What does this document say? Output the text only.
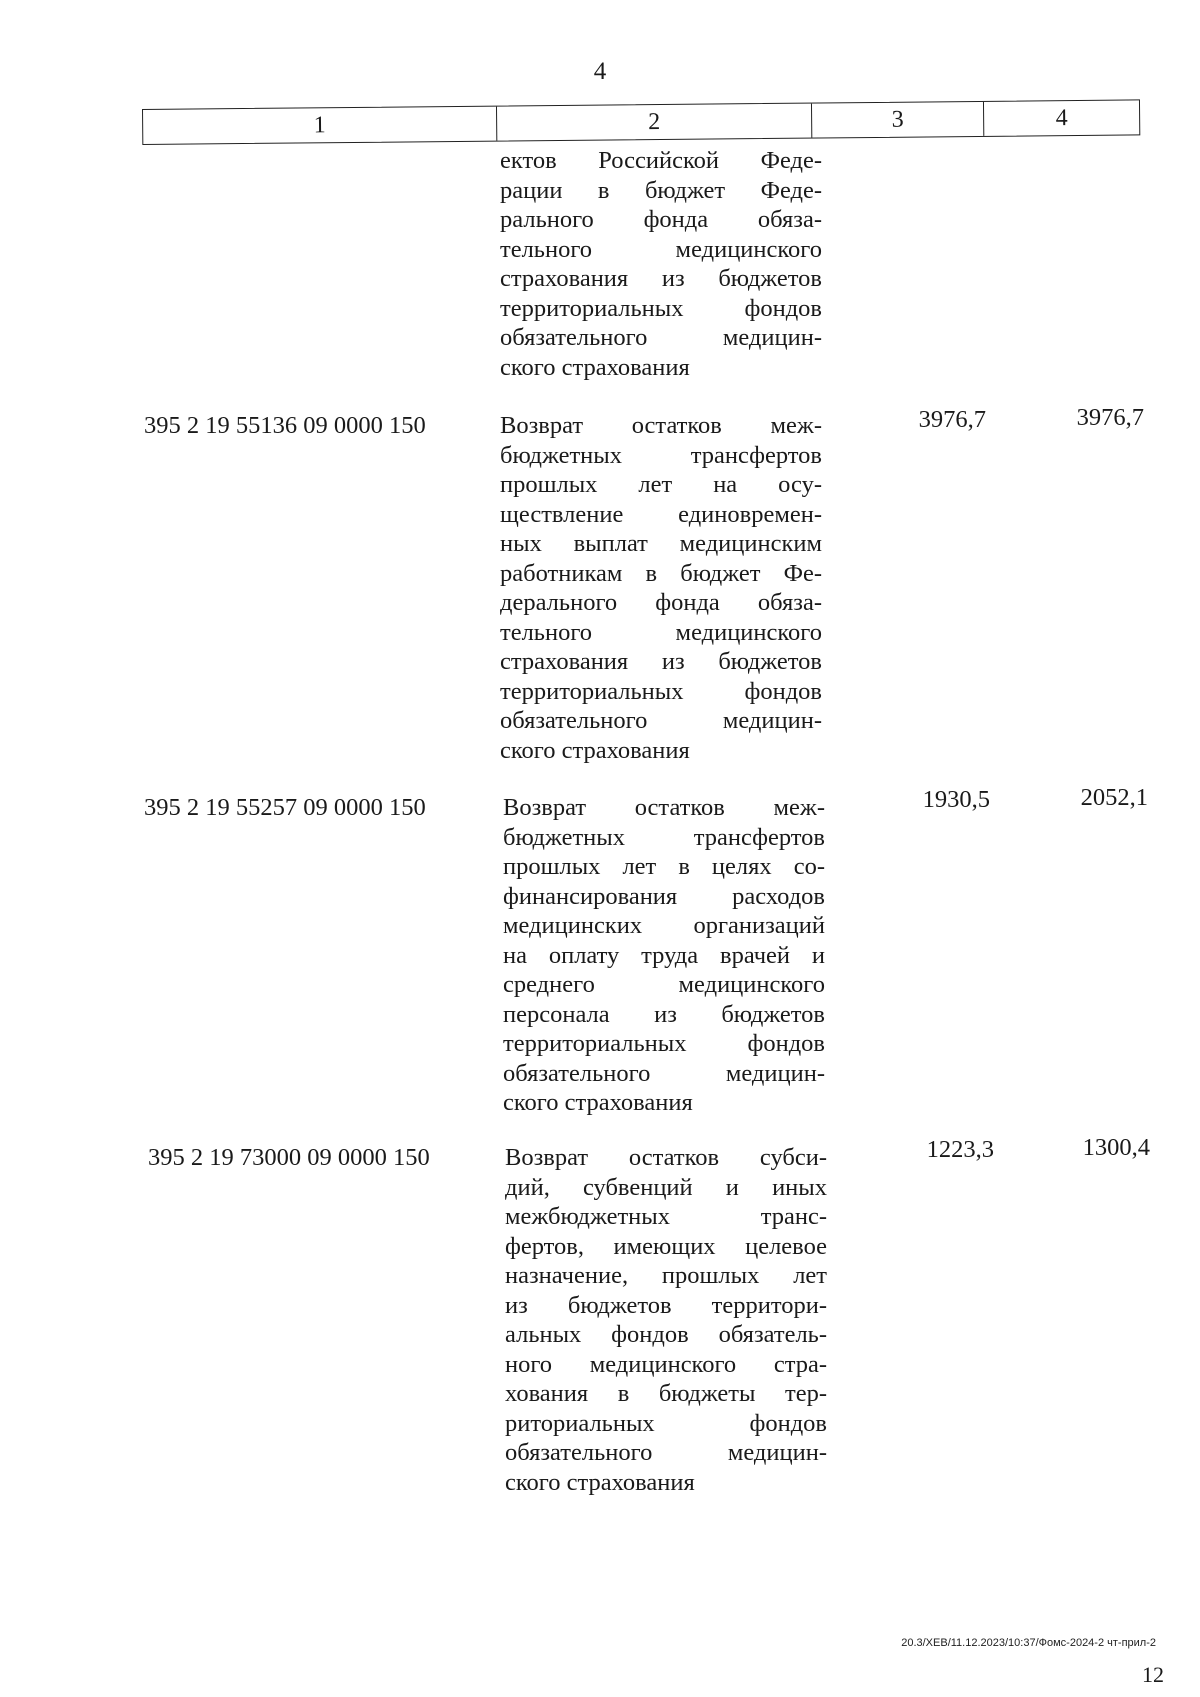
4
1	2	3	4
ектов Российской Феде-
рации в бюджет Феде-
рального фонда обяза-
тельного медицинского
страхования из бюджетов
территориальных фондов
обязательного медицин-
ского страхования
395 2 19 55136 09 0000 150	Возврат остатков меж-
бюджетных трансфертов
прошлых лет на осу-
ществление единовремен-
ных выплат медицинским
работникам в бюджет Фе-
дерального фонда обяза-
тельного медицинского
страхования из бюджетов
территориальных фондов
обязательного медицин-
ского страхования
3976,7	3976,7
395 2 19 55257 09 0000 150	Возврат остатков меж-
бюджетных трансфертов
прошлых лет в целях со-
финансирования расходов
медицинских организаций
на оплату труда врачей и
среднего медицинского
персонала из бюджетов
территориальных фондов
обязательного медицин-
ского страхования
1930,5	2052,1
395 2 19 73000 09 0000 150	Возврат остатков субси-
дий, субвенций и иных
межбюджетных транс-
фертов, имеющих целевое
назначение, прошлых лет
из бюджетов территори-
альных фондов обязатель-
ного медицинского стра-
хования в бюджеты тер-
риториальных фондов
обязательного медицин-
ского страхования
1223,3	1300,4
20.3/ХЕВ/11.12.2023/10:37/Фомс-2024-2 чт-прил-2
12
